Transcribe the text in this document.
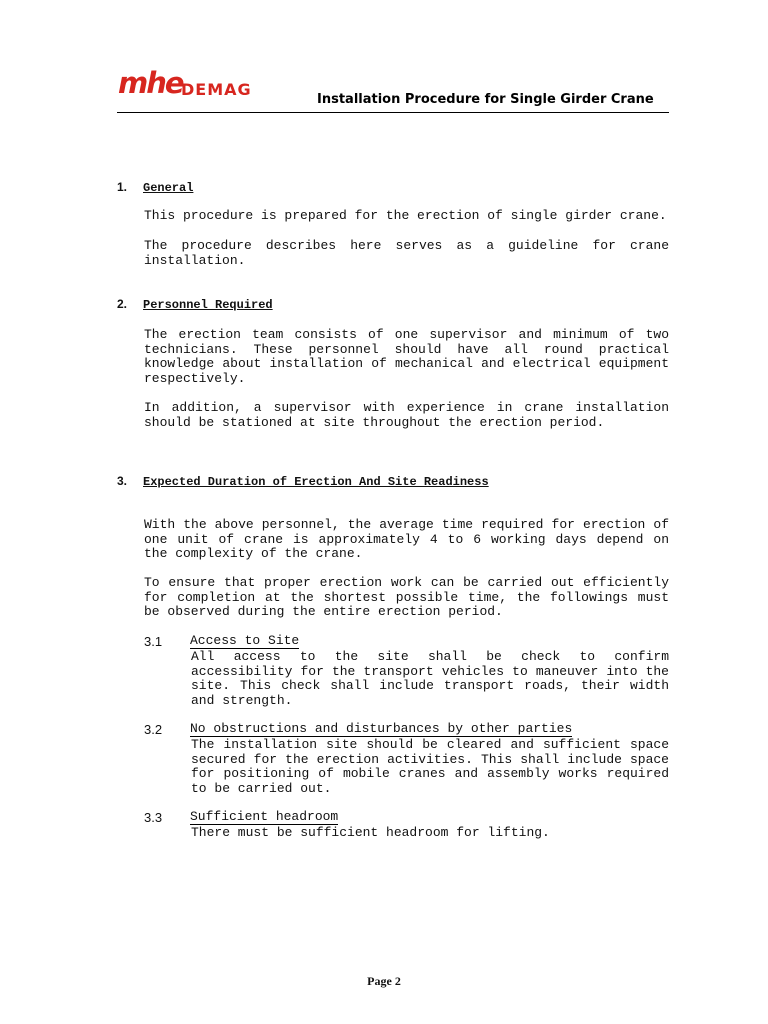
mhe
DEMAG
Installation Procedure for Single Girder Crane
1. General

This procedure is prepared for the erection of single girder crane.

The procedure describes here serves as a guideline for crane installation.

2. Personnel Required

The erection team consists of one supervisor and minimum of two technicians. These personnel should have all round practical knowledge about installation of mechanical and electrical equipment respectively.

In addition, a supervisor with experience in crane installation should be stationed at site throughout the erection period.

3. Expected Duration of Erection And Site Readiness

With the above personnel, the average time required for erection of one unit of crane is approximately 4 to 6 working days depend on the complexity of the crane.

To ensure that proper erection work can be carried out efficiently for completion at the shortest possible time, the followings must be observed during the entire erection period.

3.1 Access to Site

All access to the site shall be check to confirm accessibility for the transport vehicles to maneuver into the site. This check shall include transport roads, their width and strength.

3.2 No obstructions and disturbances by other parties

The installation site should be cleared and sufficient space secured for the erection activities. This shall include space for positioning of mobile cranes and assembly works required to be carried out.

3.3 Sufficient headroom

There must be sufficient headroom for lifting.

Page 2
